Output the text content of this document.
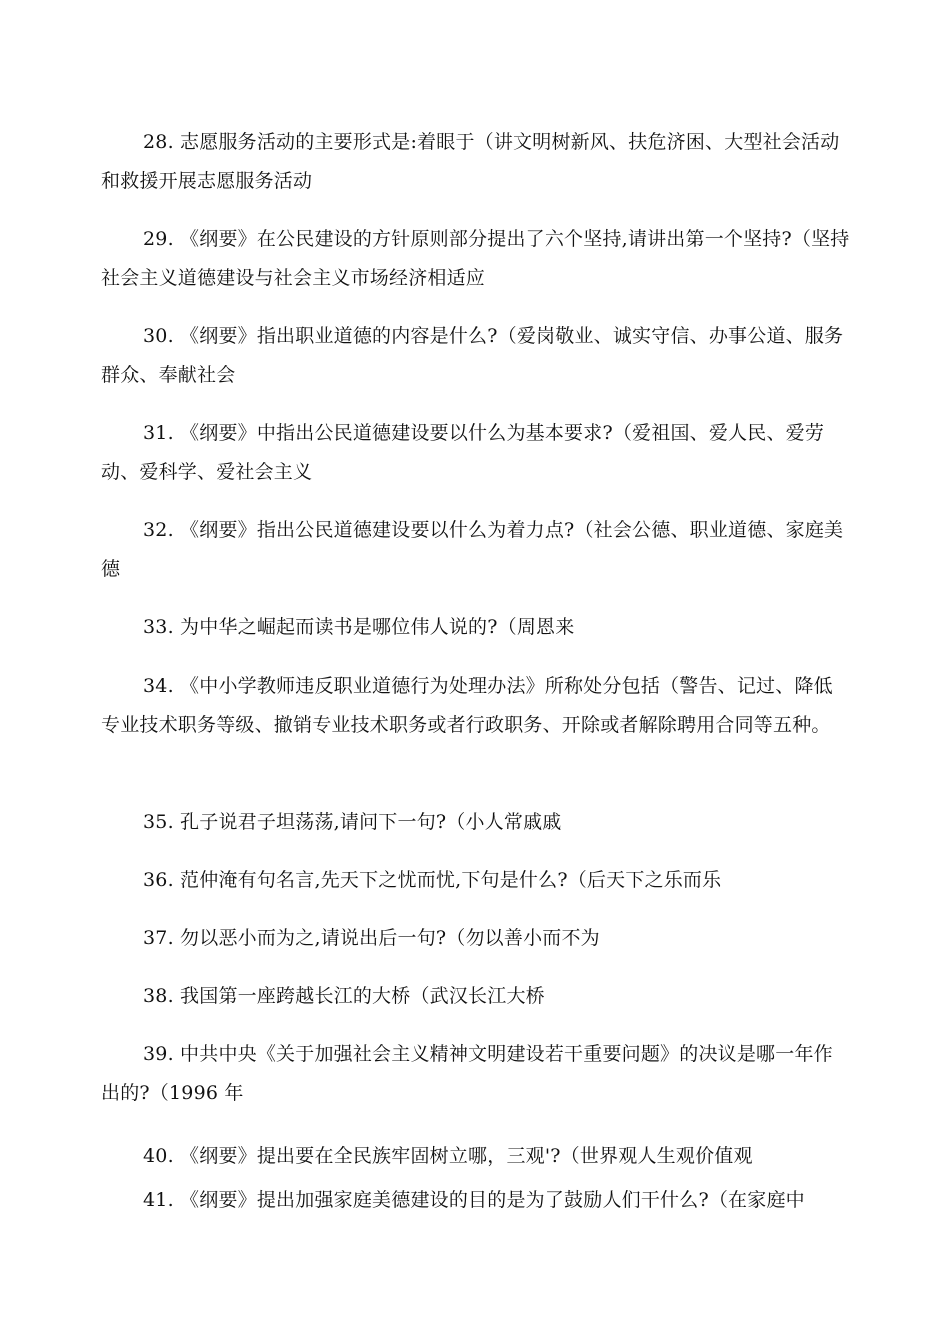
28. 志愿服务活动的主要形式是:着眼于（讲文明树新风、扶危济困、大型社会活动和救援开展志愿服务活动

29. 《纲要》在公民建设的方针原则部分提出了六个坚持,请讲出第一个坚持?（坚持社会主义道德建设与社会主义市场经济相适应

30. 《纲要》指出职业道德的内容是什么?（爱岗敬业、诚实守信、办事公道、服务群众、奉献社会

31. 《纲要》中指出公民道德建设要以什么为基本要求?（爱祖国、爱人民、爱劳动、爱科学、爱社会主义

32. 《纲要》指出公民道德建设要以什么为着力点?（社会公德、职业道德、家庭美德

33. 为中华之崛起而读书是哪位伟人说的?（周恩来

34. 《中小学教师违反职业道德行为处理办法》所称处分包括（警告、记过、降低专业技术职务等级、撤销专业技术职务或者行政职务、开除或者解除聘用合同等五种。

35. 孔子说君子坦荡荡,请问下一句?（小人常戚戚

36. 范仲淹有句名言,先天下之忧而忧,下句是什么?（后天下之乐而乐

37. 勿以恶小而为之,请说出后一句?（勿以善小而不为

38. 我国第一座跨越长江的大桥（武汉长江大桥

39. 中共中央《关于加强社会主义精神文明建设若干重要问题》的决议是哪一年作出的?（1996 年

40. 《纲要》提出要在全民族牢固树立哪，三观'?（世界观人生观价值观

41. 《纲要》提出加强家庭美德建设的目的是为了鼓励人们干什么?（在家庭中
